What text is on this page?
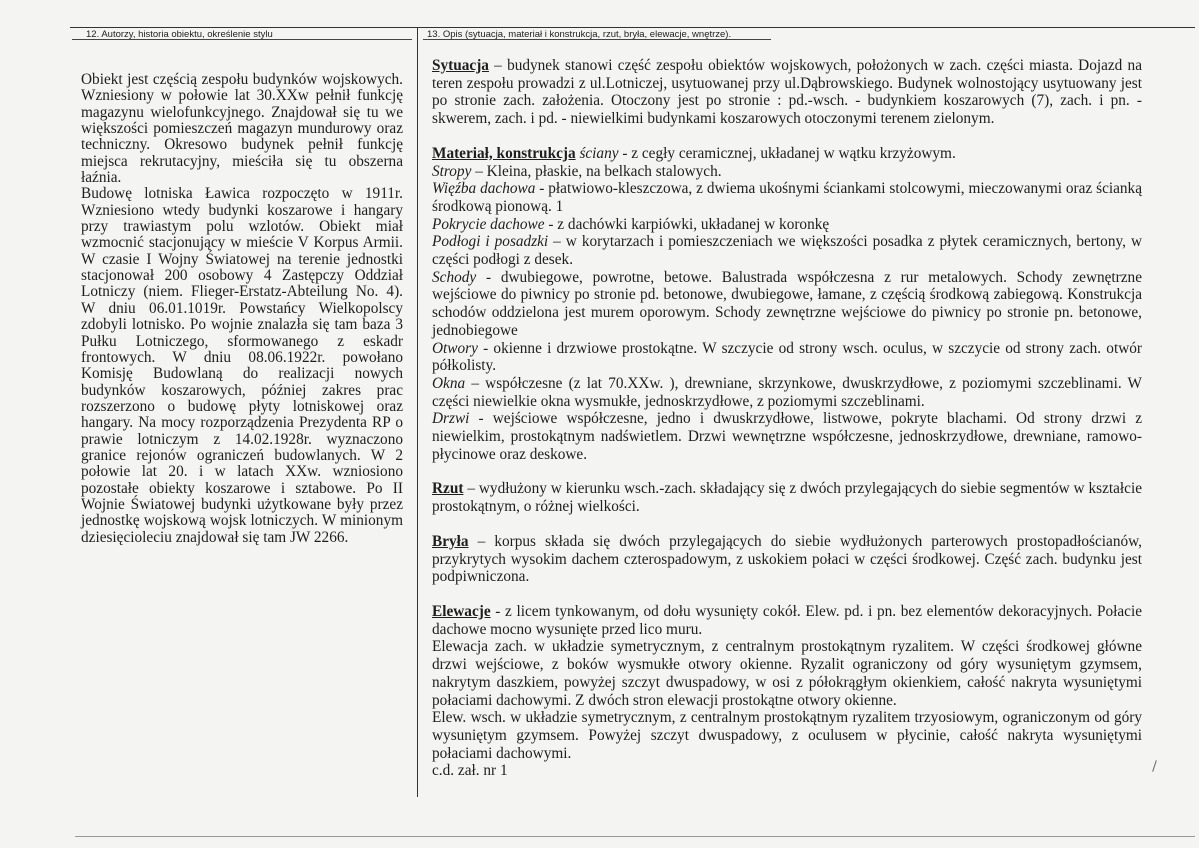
12. Autorzy, historia obiektu, określenie stylu	13. Opis (sytuacja, materiał i konstrukcja, rzut, bryła, elewacje, wnętrze).

Obiekt jest częścią zespołu budynków wojskowych. Wzniesiony w połowie lat 30.XXw pełnił funkcję magazynu wielofunkcyjnego. Znajdował się tu we większości pomieszczeń magazyn mundurowy oraz techniczny. Okresowo budynek pełnił funkcję miejsca rekrutacyjny, mieściła się tu obszerna łaźnia.

Budowę lotniska Ławica rozpoczęto w 1911r. Wzniesiono wtedy budynki koszarowe i hangary przy trawiastym polu wzlotów. Obiekt miał wzmocnić stacjonujący w mieście V Korpus Armii. W czasie I Wojny Światowej na terenie jednostki stacjonował 200 osobowy 4 Zastępczy Oddział Lotniczy (niem. Flieger-Erstatz-Abteilung No. 4). W dniu 06.01.1019r. Powstańcy Wielkopolscy zdobyli lotnisko. Po wojnie znalazła się tam baza 3 Pułku Lotniczego, sformowanego z eskadr frontowych. W dniu 08.06.1922r. powołano Komisję Budowlaną do realizacji nowych budynków koszarowych, później zakres prac rozszerzono o budowę płyty lotniskowej oraz hangary. Na mocy rozporządzenia Prezydenta RP o prawie lotniczym z 14.02.1928r. wyznaczono granice rejonów ograniczeń budowlanych. W 2 połowie lat 20. i w latach XXw. wzniosiono pozostałe obiekty koszarowe i sztabowe. Po II Wojnie Światowej budynki użytkowane były przez jednostkę wojskową wojsk lotniczych. W minionym dziesięcioleciu znajdował się tam JW 2266.

Sytuacja – budynek stanowi część zespołu obiektów wojskowych, położonych w zach. części miasta. Dojazd na teren zespołu prowadzi z ul.Lotniczej, usytuowanej przy ul.Dąbrowskiego. Budynek wolnostojący usytuowany jest po stronie zach. założenia. Otoczony jest po stronie : pd.-wsch. - budynkiem koszarowych (7), zach. i pn. - skwerem, zach. i pd. - niewielkimi budynkami koszarowych otoczonymi terenem zielonym.

Materiał, konstrukcja ściany - z cegły ceramicznej, układanej w wątku krzyżowym.

Stropy – Kleina, płaskie, na belkach stalowych.

Więźba dachowa - płatwiowo-kleszczowa, z dwiema ukośnymi ściankami stolcowymi, mieczowanymi oraz ścianką środkową pionową. 1

Pokrycie dachowe - z dachówki karpiówki, układanej w koronkę

Podłogi i posadzki – w korytarzach i pomieszczeniach we większości posadka z płytek ceramicznych, bertony, w części podłogi z desek.

Schody - dwubiegowe, powrotne, betowe. Balustrada współczesna z rur metalowych. Schody zewnętrzne wejściowe do piwnicy po stronie pd. betonowe, dwubiegowe, łamane, z częścią środkową zabiegową. Konstrukcja schodów oddzielona jest murem oporowym. Schody zewnętrzne wejściowe do piwnicy po stronie pn. betonowe, jednobiegowe

Otwory - okienne i drzwiowe prostokątne. W szczycie od strony wsch. oculus, w szczycie od strony zach. otwór półkolisty.

Okna – współczesne (z lat 70.XXw. ), drewniane, skrzynkowe, dwuskrzydłowe, z poziomymi szczeblinami. W części niewielkie okna wysmukłe, jednoskrzydłowe, z poziomymi szczeblinami.

Drzwi - wejściowe współczesne, jedno i dwuskrzydłowe, listwowe, pokryte blachami. Od strony drzwi z niewielkim, prostokątnym nadświetlem. Drzwi wewnętrzne współczesne, jednoskrzydłowe, drewniane, ramowo-płycinowe oraz deskowe.

Rzut – wydłużony w kierunku wsch.-zach. składający się z dwóch przylegających do siebie segmentów w kształcie prostokątnym, o różnej wielkości.

Bryła – korpus składa się dwóch przylegających do siebie wydłużonych parterowych prostopadłościanów, przykrytych wysokim dachem czterospadowym, z uskokiem połaci w części środkowej. Część zach. budynku jest podpiwniczona.

Elewacje - z licem tynkowanym, od dołu wysunięty cokół. Elew. pd. i pn. bez elementów dekoracyjnych. Połacie dachowe mocno wysunięte przed lico muru.

Elewacja zach. w układzie symetrycznym, z centralnym prostokątnym ryzalitem. W części środkowej główne drzwi wejściowe, z boków wysmukłe otwory okienne. Ryzalit ograniczony od góry wysuniętym gzymsem, nakrytym daszkiem, powyżej szczyt dwuspadowy, w osi z półokrągłym okienkiem, całość nakryta wysuniętymi połaciami dachowymi. Z dwóch stron elewacji prostokątne otwory okienne.

Elew. wsch. w układzie symetrycznym, z centralnym prostokątnym ryzalitem trzyosiowym, ograniczonym od góry wysuniętym gzymsem. Powyżej szczyt dwuspadowy, z oculusem w płycinie, całość nakryta wysuniętymi połaciami dachowymi.

c.d. zał. nr 1
